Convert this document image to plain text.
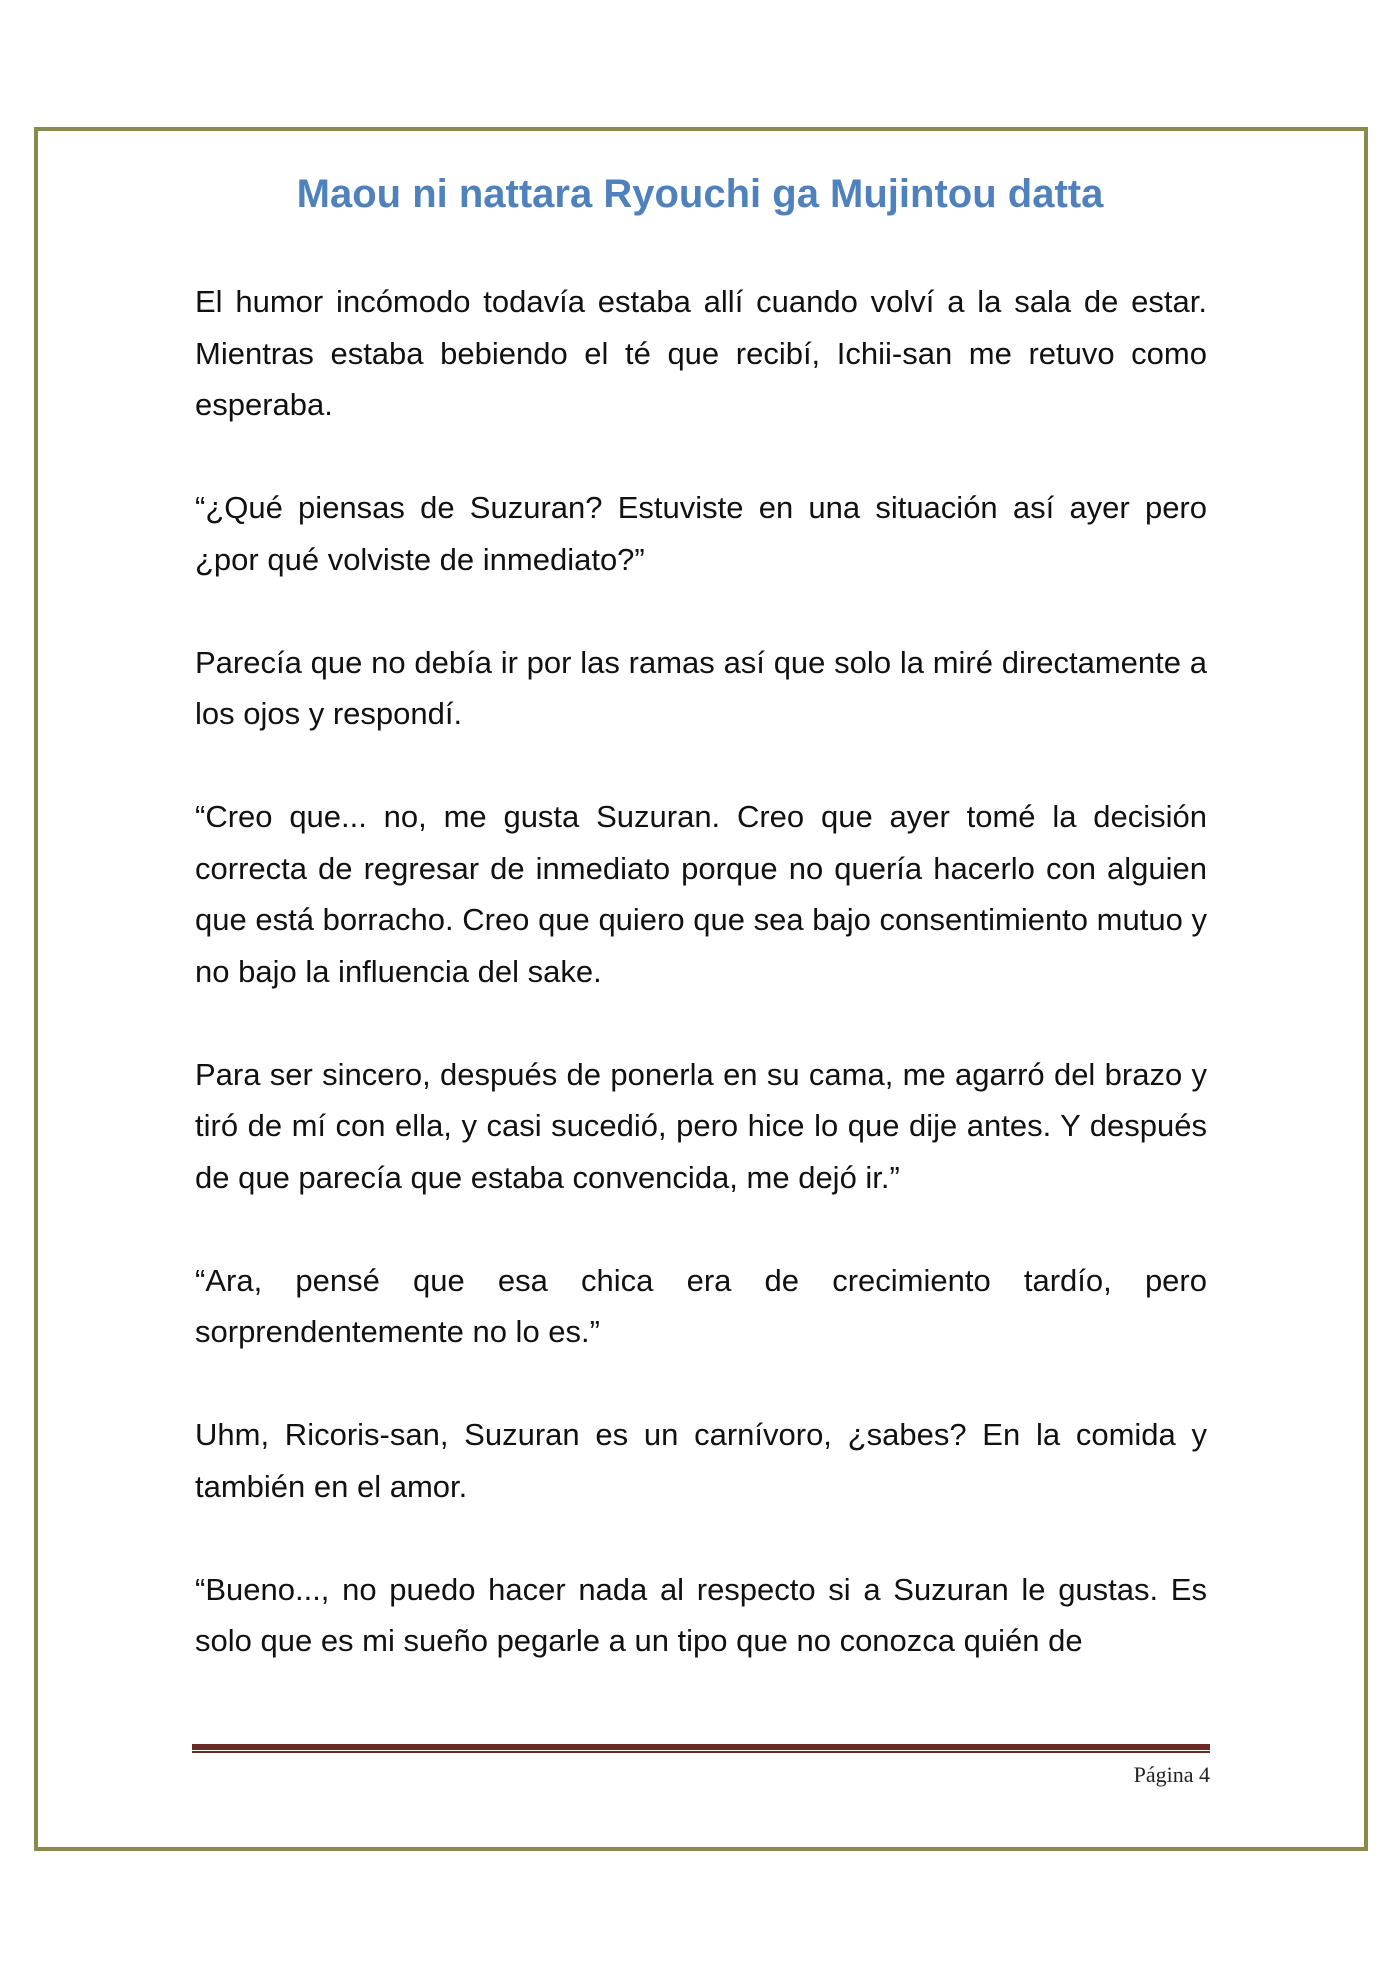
Maou ni nattara Ryouchi ga Mujintou datta

El humor incómodo todavía estaba allí cuando volví a la sala de estar. Mientras estaba bebiendo el té que recibí, Ichii-san me retuvo como esperaba.

“¿Qué piensas de Suzuran? Estuviste en una situación así ayer pero ¿por qué volviste de inmediato?”

Parecía que no debía ir por las ramas así que solo la miré directamente a los ojos y respondí.

“Creo que... no, me gusta Suzuran. Creo que ayer tomé la decisión correcta de regresar de inmediato porque no quería hacerlo con alguien que está borracho. Creo que quiero que sea bajo consentimiento mutuo y no bajo la influencia del sake.

Para ser sincero, después de ponerla en su cama, me agarró del brazo y tiró de mí con ella, y casi sucedió, pero hice lo que dije antes. Y después de que parecía que estaba convencida, me dejó ir.”

“Ara, pensé que esa chica era de crecimiento tardío, pero sorprendentemente no lo es.”

Uhm, Ricoris-san, Suzuran es un carnívoro, ¿sabes? En la comida y también en el amor.

“Bueno..., no puedo hacer nada al respecto si a Suzuran le gustas. Es solo que es mi sueño pegarle a un tipo que no conozca quién de

Página 4
